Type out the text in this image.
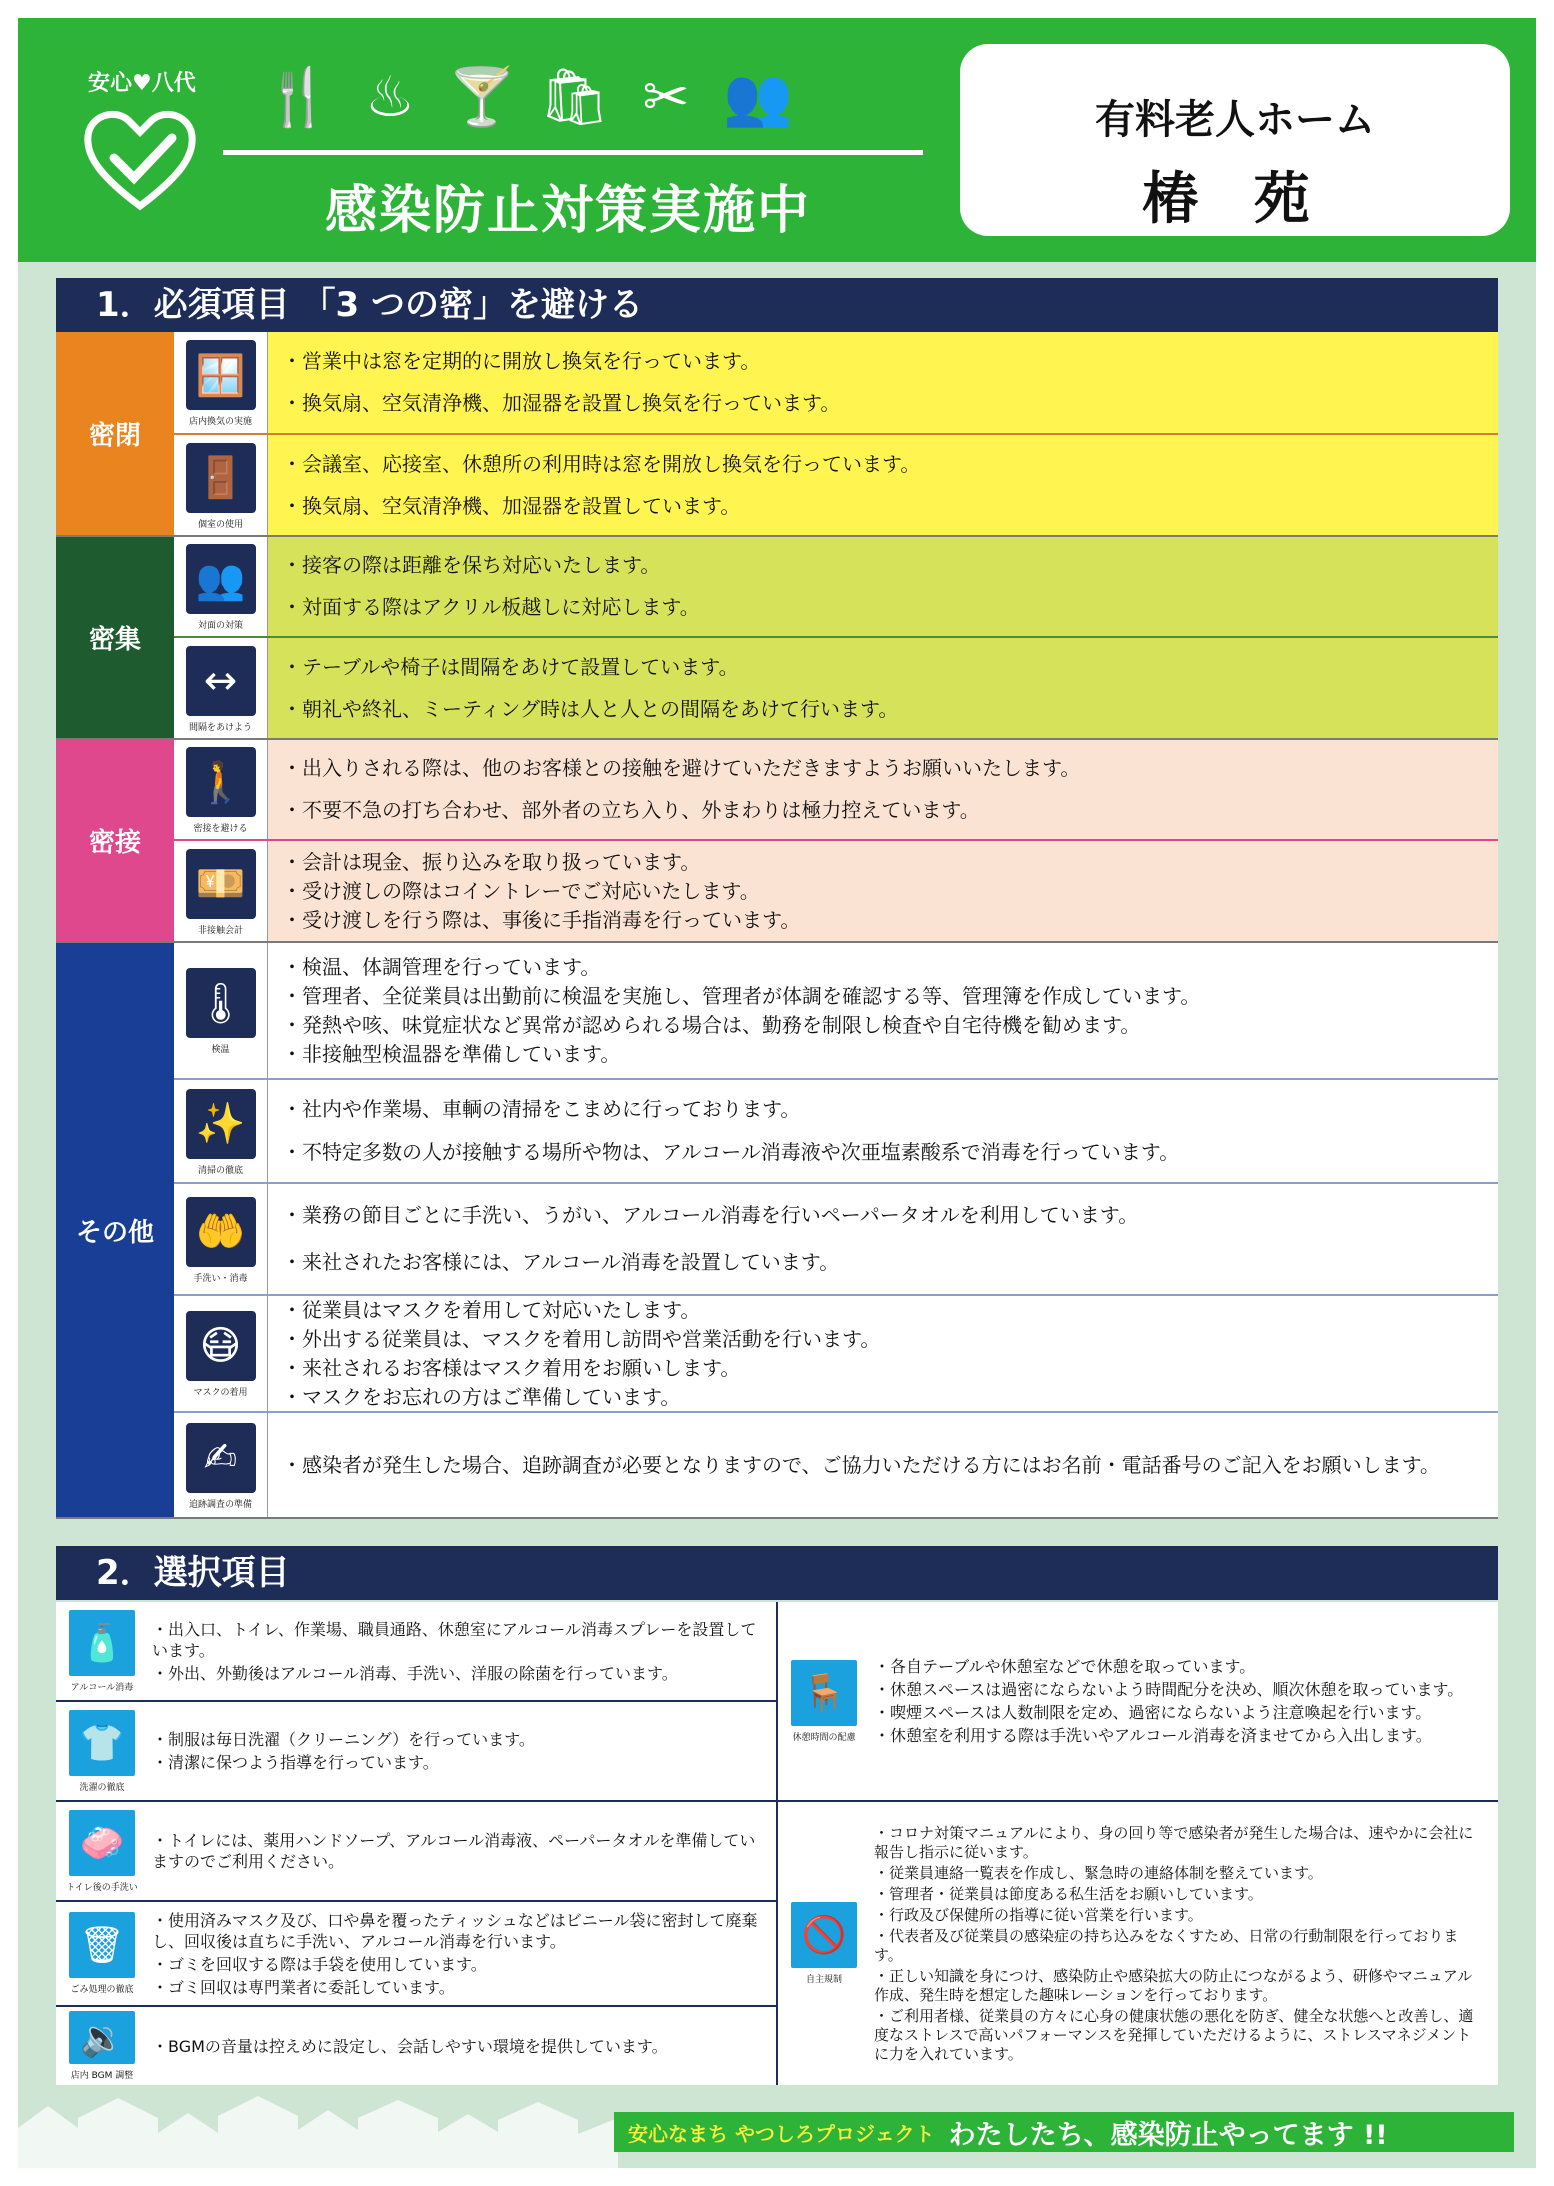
安心♥八代 🍴 ♨ 🍸 🛍 ✂ 👥
感染防止対策実施中
有料老人ホーム
椿 苑
1．必須項目 「3 つの密」を避ける
密閉
🪟
店内換気の実施
・営業中は窓を定期的に開放し換気を行っています。
・換気扇、空気清浄機、加湿器を設置し換気を行っています。
🚪
個室の使用
・会議室、応接室、休憩所の利用時は窓を開放し換気を行っています。
・換気扇、空気清浄機、加湿器を設置しています。
密集
👥
対面の対策
・接客の際は距離を保ち対応いたします。
・対面する際はアクリル板越しに対応します。
↔
間隔をあけよう
・テーブルや椅子は間隔をあけて設置しています。
・朝礼や終礼、ミーティング時は人と人との間隔をあけて行います。
密接
🚶
密接を避ける
・出入りされる際は、他のお客様との接触を避けていただきますようお願いいたします。
・不要不急の打ち合わせ、部外者の立ち入り、外まわりは極力控えています。
💴
非接触会計
・会計は現金、振り込みを取り扱っています。
・受け渡しの際はコイントレーでご対応いたします。
・受け渡しを行う際は、事後に手指消毒を行っています。
その他
🌡
検温
・検温、体調管理を行っています。
・管理者、全従業員は出勤前に検温を実施し、管理者が体調を確認する等、管理簿を作成しています。
・発熱や咳、味覚症状など異常が認められる場合は、勤務を制限し検査や自宅待機を勧めます。
・非接触型検温器を準備しています。
✨
清掃の徹底
・社内や作業場、車輌の清掃をこまめに行っております。
・不特定多数の人が接触する場所や物は、アルコール消毒液や次亜塩素酸系で消毒を行っています。
🤲
手洗い・消毒
・業務の節目ごとに手洗い、うがい、アルコール消毒を行いペーパータオルを利用しています。
・来社されたお客様には、アルコール消毒を設置しています。
😷
マスクの着用
・従業員はマスクを着用して対応いたします。
・外出する従業員は、マスクを着用し訪問や営業活動を行います。
・来社されるお客様はマスク着用をお願いします。
・マスクをお忘れの方はご準備しています。
✍
追跡調査の準備
・感染者が発生した場合、追跡調査が必要となりますので、ご協力いただける方にはお名前・電話番号のご記入をお願いします。
2．選択項目
🧴
アルコール消毒
・出入口、トイレ、作業場、職員通路、休憩室にアルコール消毒スプレーを設置しています。
・外出、外勤後はアルコール消毒、手洗い、洋服の除菌を行っています。
👕
洗濯の徹底
・制服は毎日洗濯（クリーニング）を行っています。
・清潔に保つよう指導を行っています。
🧼
トイレ後の手洗い
・トイレには、薬用ハンドソープ、アルコール消毒液、ペーパータオルを準備していますのでご利用ください。
🗑
ごみ処理の徹底
・使用済みマスク及び、口や鼻を覆ったティッシュなどはビニール袋に密封して廃棄し、回収後は直ちに手洗い、アルコール消毒を行います。
・ゴミを回収する際は手袋を使用しています。
・ゴミ回収は専門業者に委託しています。
🔉
店内 BGM 調整
・BGMの音量は控えめに設定し、会話しやすい環境を提供しています。
🪑
休憩時間の配慮
・各自テーブルや休憩室などで休憩を取っています。
・休憩スペースは過密にならないよう時間配分を決め、順次休憩を取っています。
・喫煙スペースは人数制限を定め、過密にならないよう注意喚起を行います。
・休憩室を利用する際は手洗いやアルコール消毒を済ませてから入出します。
🚫
自主規制
・コロナ対策マニュアルにより、身の回り等で感染者が発生した場合は、速やかに会社に報告し指示に従います。
・従業員連絡一覧表を作成し、緊急時の連絡体制を整えています。
・管理者・従業員は節度ある私生活をお願いしています。
・行政及び保健所の指導に従い営業を行います。
・代表者及び従業員の感染症の持ち込みをなくすため、日常の行動制限を行っております。
・正しい知識を身につけ、感染防止や感染拡大の防止につながるよう、研修やマニュアル作成、発生時を想定した趣味レーションを行っております。
・ご利用者様、従業員の方々に心身の健康状態の悪化を防ぎ、健全な状態へと改善し、適度なストレスで高いパフォーマンスを発揮していただけるように、ストレスマネジメントに力を入れています。
安心なまち やつしろプロジェクト わたしたち、感染防止やってます !!
